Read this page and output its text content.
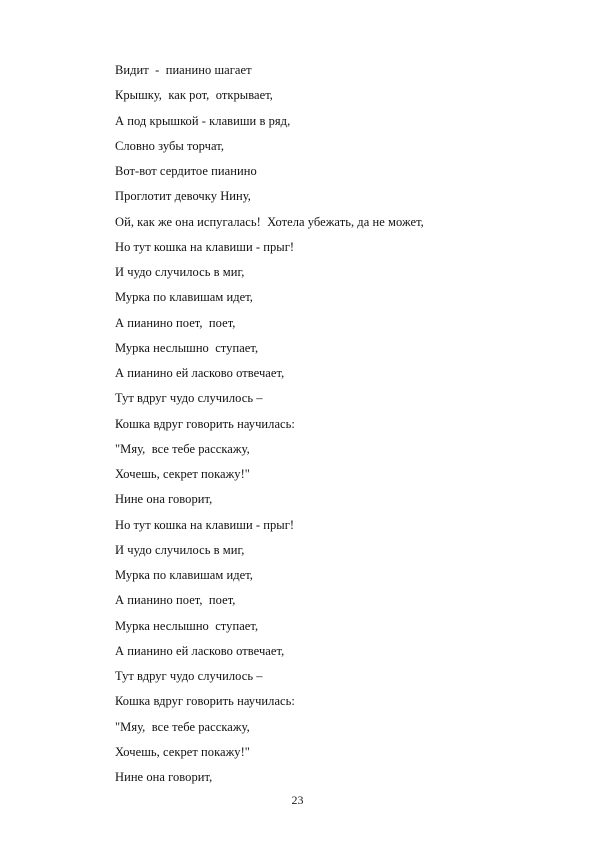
Видит  -  пианино шагает
Крышку,  как рот,  открывает,
А под крышкой - клавиши в ряд,
Словно зубы торчат,
Вот-вот сердитое пианино
Проглотит девочку Нину,
Ой, как же она испугалась!  Хотела убежать, да не может,
Но тут кошка на клавиши - прыг!
И чудо случилось в миг,
Мурка по клавишам идет,
А пианино поет,  поет,
Мурка неслышно  ступает,
А пианино ей ласково отвечает,
Тут вдруг чудо случилось –
Кошка вдруг говорить научилась:
"Мяу,  все тебе расскажу,
Хочешь, секрет покажу!"
Нине она говорит,
Но тут кошка на клавиши - прыг!
И чудо случилось в миг,
Мурка по клавишам идет,
А пианино поет,  поет,
Мурка неслышно  ступает,
А пианино ей ласково отвечает,
Тут вдруг чудо случилось –
Кошка вдруг говорить научилась:
"Мяу,  все тебе расскажу,
Хочешь, секрет покажу!"
Нине она говорит,
23
